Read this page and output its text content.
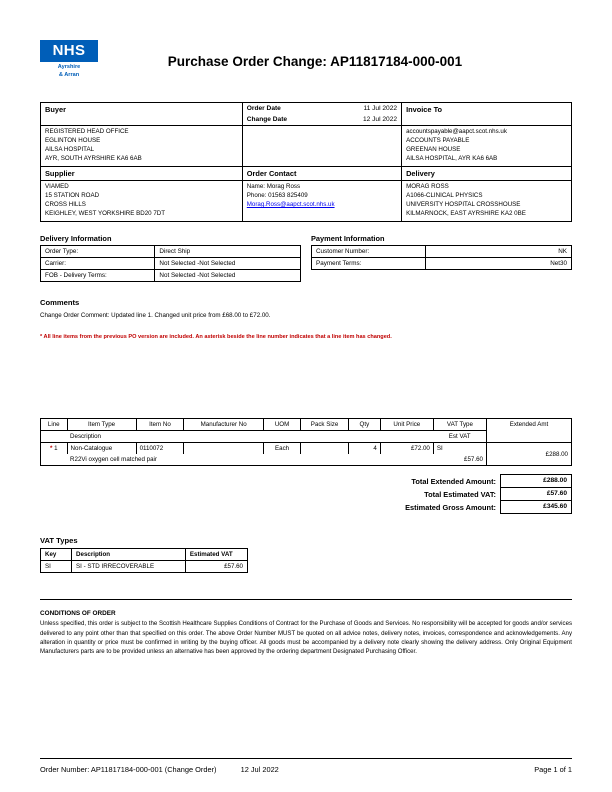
NHS
Ayrshire
& Arran
Purchase Order Change: AP11817184-000-001
Buyer		Order Date	11 Jul 2022
Change Date	12 Jul 2022
	Invoice To

REGISTERED HEAD OFFICE
EGLINTON HOUSE
AILSA HOSPITAL
AYR, SOUTH AYRSHIRE KA6 6AB

accountspayable@aapct.scot.nhs.uk
ACCOUNTS PAYABLE
GREENAN HOUSE
AILSA HOSPITAL, AYR KA6 6AB

Supplier	Order Contact	Delivery

VIAMED
15 STATION ROAD
CROSS HILLS
KEIGHLEY, WEST YORKSHIRE BD20 7DT

Name: Morag Ross
Phone: 01563 825409
Morag.Ross@aapct.scot.nhs.uk

MORAG ROSS
A1066-CLINICAL PHYSICS
UNIVERSITY HOSPITAL CROSSHOUSE
KILMARNOCK, EAST AYRSHIRE KA2 0BE
Delivery Information
Order Type:	Direct Ship
Carrier:	Not Selected -Not Selected
FOB - Delivery Terms:	Not Selected -Not Selected
Payment Information
Customer Number:	NK
Payment Terms:	Net30
Comments

Change Order Comment: Updated line 1. Changed unit price from £68.00 to £72.00.

* All line items from the previous PO version are included. An asterisk beside the line number indicates that a line item has changed.
Line	Item Type	Item No	Manufacturer No	UOM	Pack Size	Qty	Unit Price	VAT Type	Extended Amt
	Description							Est VAT	
* 1	Non-Catalogue	0110072		Each		4	£72.00	SI	£288.00
	R22Vi oxygen cell matched pair							£57.60	
Total Extended Amount:	£288.00
Total Estimated VAT:	£57.60
Estimated Gross Amount:	£345.60
VAT Types
Key	Description	Estimated VAT
SI	SI - STD IRRECOVERABLE	£57.60
CONDITIONS OF ORDER

Unless specified, this order is subject to the Scottish Healthcare Supplies Conditions of Contract for the Purchase of Goods and Services. No responsibility will be accepted for goods and/or services delivered to any point other than that specified on this order. The above Order Number MUST be quoted on all advice notes, delivery notes, invoices, correspondence and acknowledgements. Any alteration in quantity or price must be confirmed in writing by the buying officer. All goods must be accompanied by a delivery note clearly showing the delivery address. Only Original Equipment Manufacturers parts are to be provided unless an alternative has been approved by the ordering department Designated Purchasing Officer.

Order Number: AP11817184-000-001 (Change Order)	12 Jul 2022	Page 1 of 1
